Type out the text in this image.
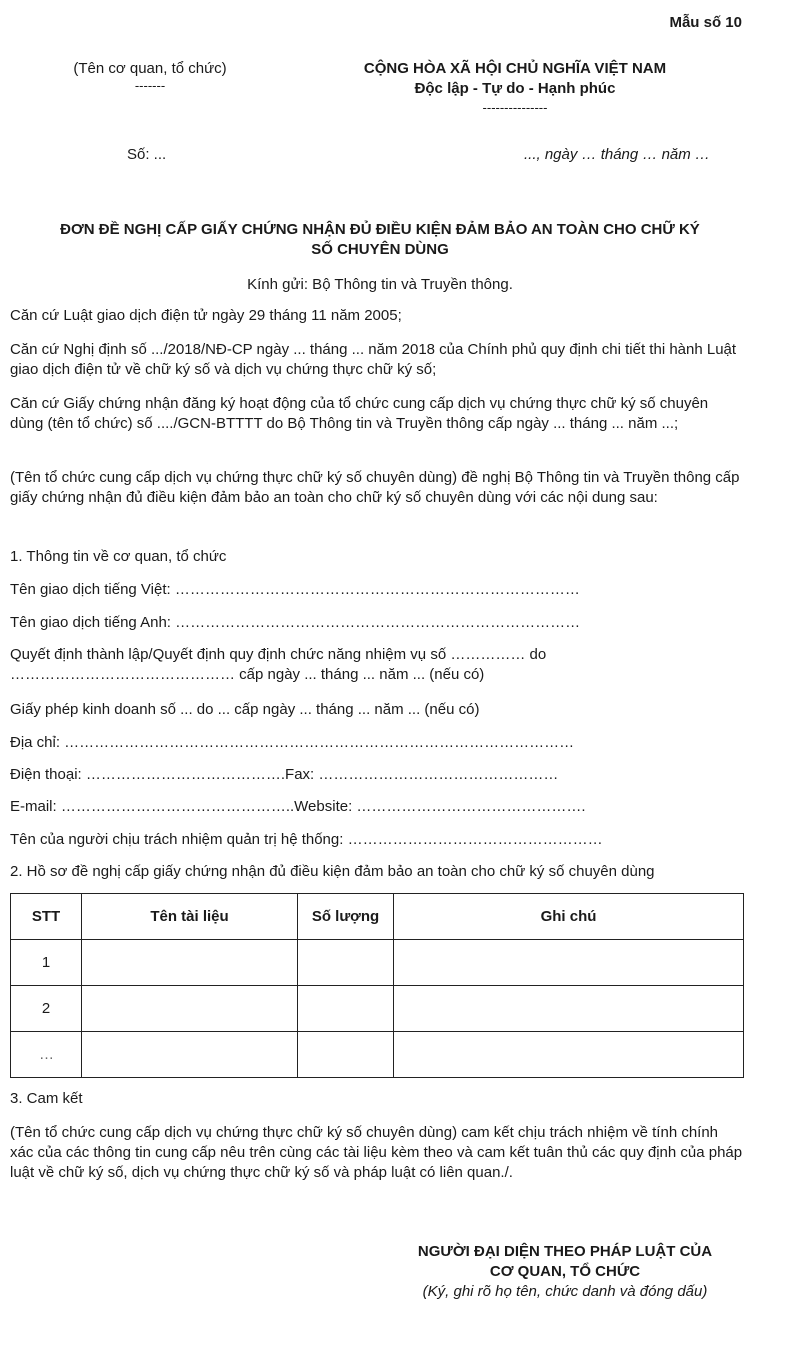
Mẫu số 10
(Tên cơ quan, tổ chức)
-------
CỘNG HÒA XÃ HỘI CHỦ NGHĨA VIỆT NAM
Độc lập - Tự do - Hạnh phúc
---------------
Số: ...	..., ngày … tháng … năm …
ĐƠN ĐỀ NGHỊ CẤP GIẤY CHỨNG NHẬN ĐỦ ĐIỀU KIỆN ĐẢM BẢO AN TOÀN CHO CHỮ KÝ
SỐ CHUYÊN DÙNG
Kính gửi: Bộ Thông tin và Truyền thông.
Căn cứ Luật giao dịch điện tử ngày 29 tháng 11 năm 2005;
Căn cứ Nghị định số .../2018/NĐ-CP ngày ... tháng ... năm 2018 của Chính phủ quy định chi tiết thi hành Luật giao dịch điện tử về chữ ký số và dịch vụ chứng thực chữ ký số;
Căn cứ Giấy chứng nhận đăng ký hoạt động của tổ chức cung cấp dịch vụ chứng thực chữ ký số chuyên dùng (tên tổ chức) số ..../GCN-BTTTT do Bộ Thông tin và Truyền thông cấp ngày ... tháng ... năm ...;
(Tên tổ chức cung cấp dịch vụ chứng thực chữ ký số chuyên dùng) đề nghị Bộ Thông tin và Truyền thông cấp giấy chứng nhận đủ điều kiện đảm bảo an toàn cho chữ ký số chuyên dùng với các nội dung sau:
1. Thông tin về cơ quan, tổ chức
Tên giao dịch tiếng Việt: ………………………………………………………………………
Tên giao dịch tiếng Anh: ………………………………………………………………………
Quyết định thành lập/Quyết định quy định chức năng nhiệm vụ số …………… do
……………………………………… cấp ngày ... tháng ... năm ... (nếu có)
Giấy phép kinh doanh số ... do ... cấp ngày ... tháng ... năm ... (nếu có)
Địa chỉ: …………………………………………………………………………………………
Điện thoại: ………………………………….Fax: …………………………………………
E-mail: ………………………………………..Website: ……………………………………….
Tên của người chịu trách nhiệm quản trị hệ thống: ……………………………………………
2. Hồ sơ đề nghị cấp giấy chứng nhận đủ điều kiện đảm bảo an toàn cho chữ ký số chuyên dùng
STT	Tên tài liệu	Số lượng	Ghi chú
1			
2			
…			
3. Cam kết
(Tên tổ chức cung cấp dịch vụ chứng thực chữ ký số chuyên dùng) cam kết chịu trách nhiệm về tính chính xác của các thông tin cung cấp nêu trên cùng các tài liệu kèm theo và cam kết tuân thủ các quy định của pháp luật về chữ ký số, dịch vụ chứng thực chữ ký số và pháp luật có liên quan./.
NGƯỜI ĐẠI DIỆN THEO PHÁP LUẬT CỦA
CƠ QUAN, TỔ CHỨC
(Ký, ghi rõ họ tên, chức danh và đóng dấu)
